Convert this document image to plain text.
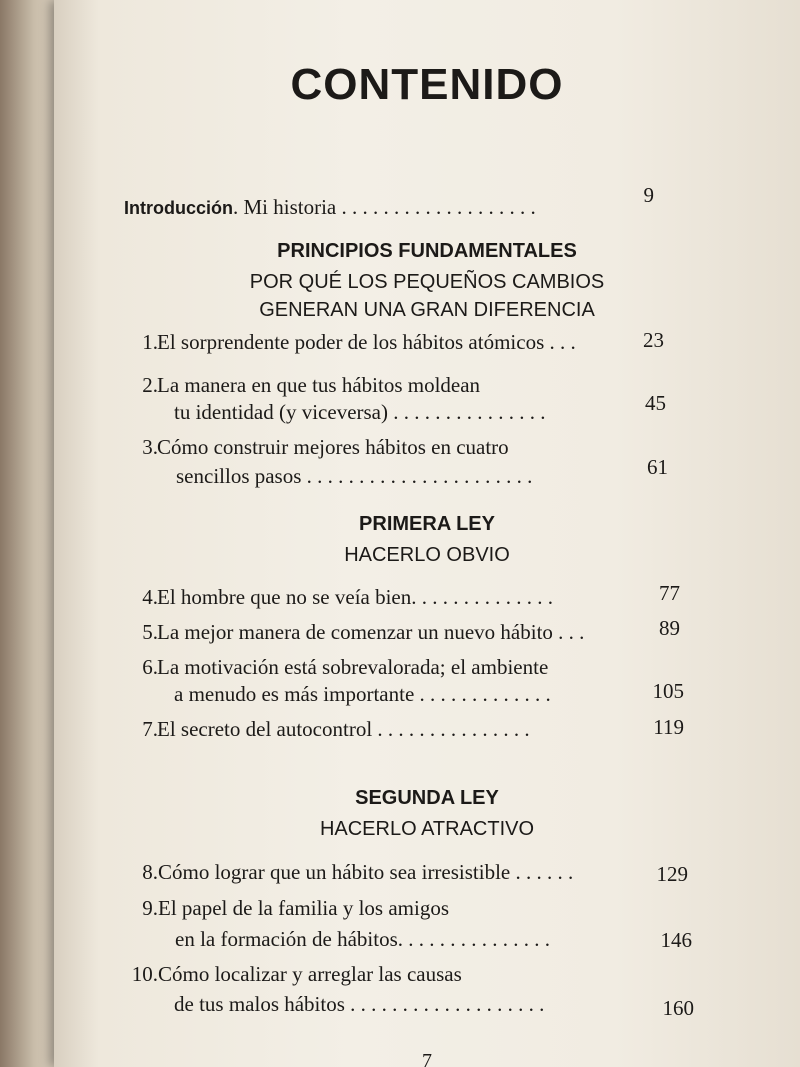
CONTENIDO
Introducción. Mi historia . . . . . . . . . . . . . . . . . . .	9
PRINCIPIOS FUNDAMENTALES
POR QUÉ LOS PEQUEÑOS CAMBIOS
GENERAN UNA GRAN DIFERENCIA
PRIMERA LEY
HACERLO OBVIO
SEGUNDA LEY
HACERLO ATRACTIVO
1. El sorprendente poder de los hábitos atómicos . . .	23
2. La manera en que tus hábitos moldean
tu identidad (y viceversa) . . . . . . . . . . . . . . .	45
3. Cómo construir mejores hábitos en cuatro
sencillos pasos . . . . . . . . . . . . . . . . . . . . . .	61
4. El hombre que no se veía bien. . . . . . . . . . . . . .	77
5. La mejor manera de comenzar un nuevo hábito . . .	89
6. La motivación está sobrevalorada; el ambiente
a menudo es más importante . . . . . . . . . . . . .	105
7. El secreto del autocontrol . . . . . . . . . . . . . . .	119
8. Cómo lograr que un hábito sea irresistible . . . . . .	129
9. El papel de la familia y los amigos
en la formación de hábitos. . . . . . . . . . . . . . .	146
10. Cómo localizar y arreglar las causas
de tus malos hábitos . . . . . . . . . . . . . . . . . . .	160
7
